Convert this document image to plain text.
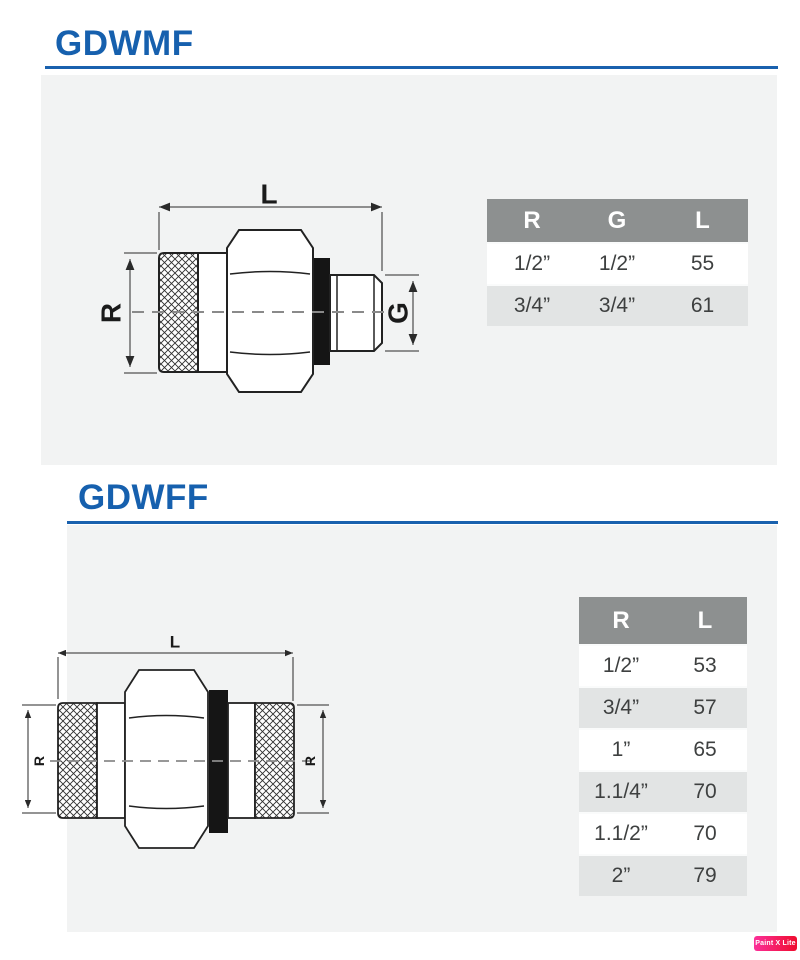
GDWMF
GDWFF
L
R	G
L
R	R
R	G	L
1/2”	1/2”	55
3/4”	3/4”	61
R	L
1/2”	53
3/4”	57
1”	65
1.1/4”	70
1.1/2”	70
2”	79
Paint X Lite
